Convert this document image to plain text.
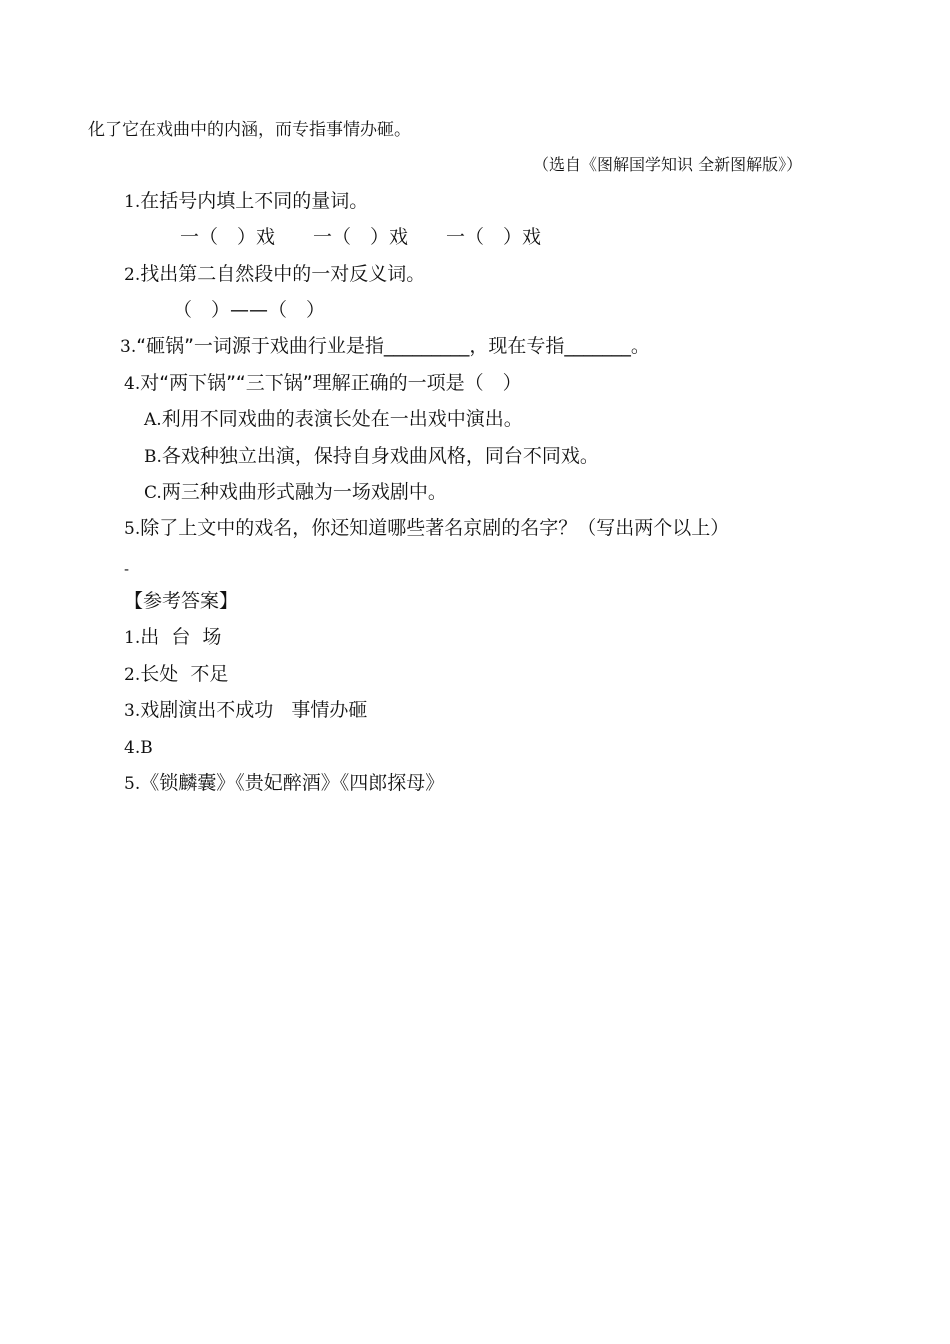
化了它在戏曲中的内涵，而专指事情办砸。
（选自《图解国学知识 全新图解版》）
1.在括号内填上不同的量词。
一（　）戏　　一（　）戏　　一（　）戏
2.找出第二自然段中的一对反义词。
（　）——（　）
3.“砸锅”一词源于戏曲行业是指_________，现在专指_______。
4.对“两下锅”“三下锅”理解正确的一项是（　）
A.利用不同戏曲的表演长处在一出戏中演出。
B.各戏种独立出演，保持自身戏曲风格，同台不同戏。
C.两三种戏曲形式融为一场戏剧中。
5.除了上文中的戏名，你还知道哪些著名京剧的名字？（写出两个以上）
-
【参考答案】
1.出  台  场
2.长处  不足
3.戏剧演出不成功   事情办砸
4.B
5.《锁麟囊》《贵妃醉酒》《四郎探母》
